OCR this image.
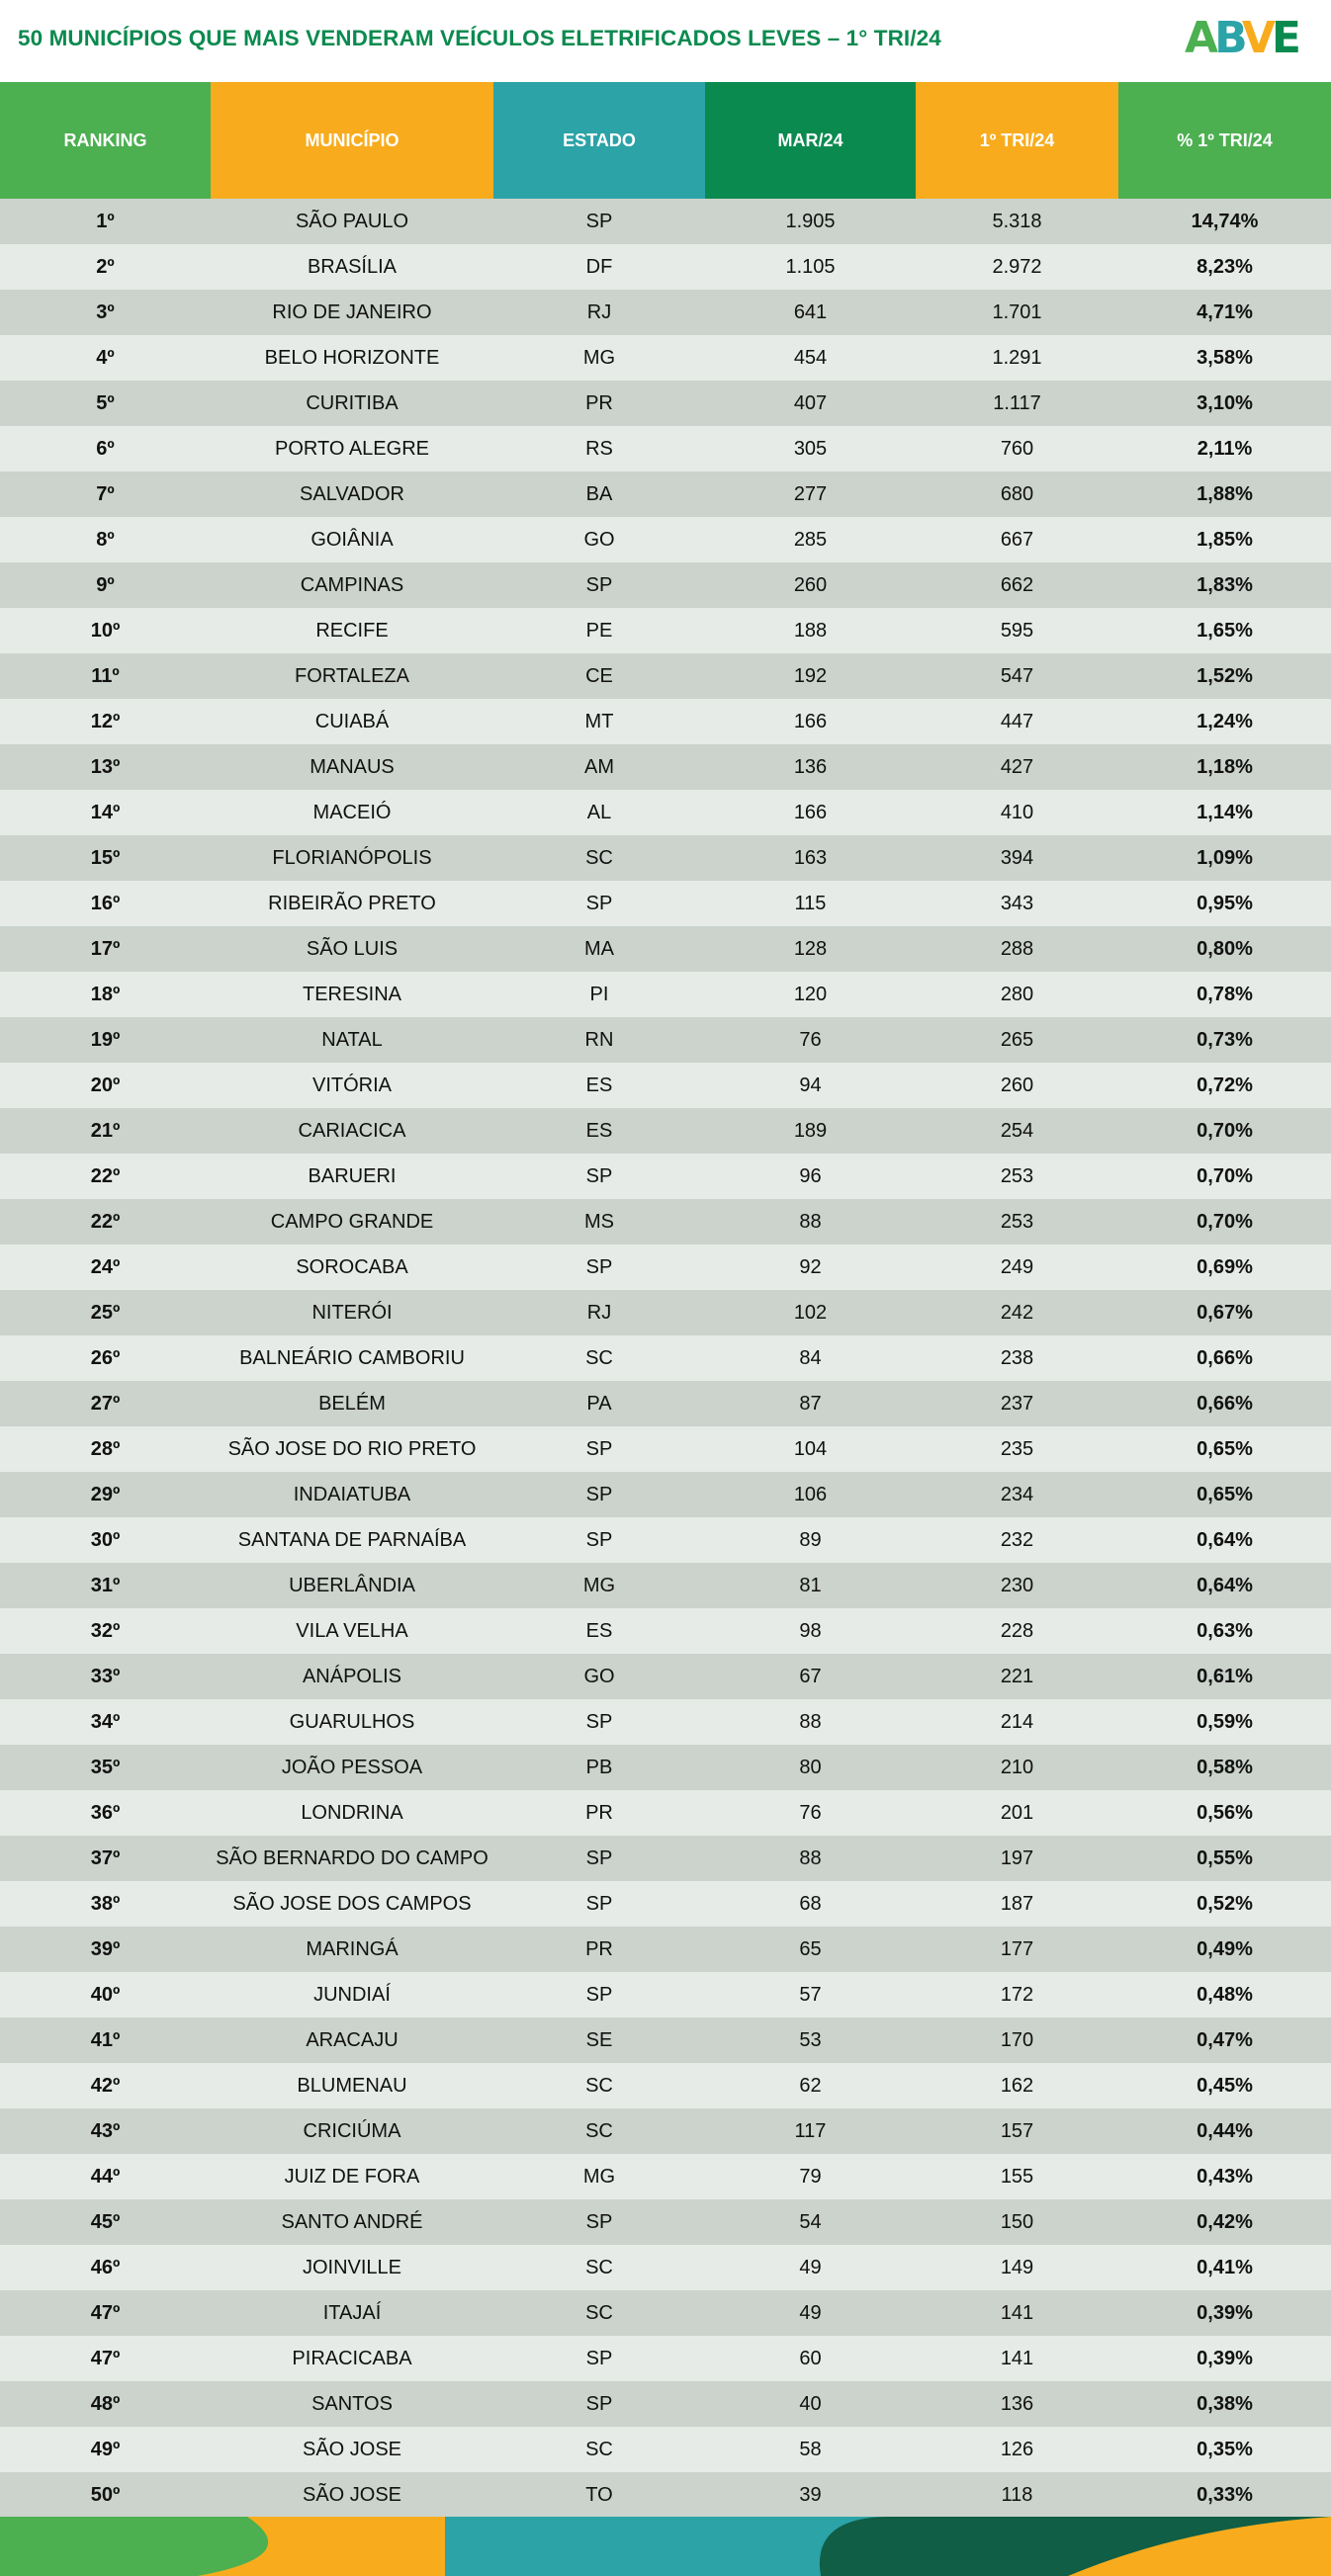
50 MUNICÍPIOS QUE MAIS VENDERAM VEÍCULOS ELETRIFICADOS LEVES – 1° TRI/24	ABVE
RANKING	MUNICÍPIO	ESTADO	MAR/24	1º TRI/24	% 1º TRI/24
1º	SÃO PAULO	SP	1.905	5.318	14,74%
2º	BRASÍLIA	DF	1.105	2.972	8,23%
3º	RIO DE JANEIRO	RJ	641	1.701	4,71%
4º	BELO HORIZONTE	MG	454	1.291	3,58%
5º	CURITIBA	PR	407	1.117	3,10%
6º	PORTO ALEGRE	RS	305	760	2,11%
7º	SALVADOR	BA	277	680	1,88%
8º	GOIÂNIA	GO	285	667	1,85%
9º	CAMPINAS	SP	260	662	1,83%
10º	RECIFE	PE	188	595	1,65%
11º	FORTALEZA	CE	192	547	1,52%
12º	CUIABÁ	MT	166	447	1,24%
13º	MANAUS	AM	136	427	1,18%
14º	MACEIÓ	AL	166	410	1,14%
15º	FLORIANÓPOLIS	SC	163	394	1,09%
16º	RIBEIRÃO PRETO	SP	115	343	0,95%
17º	SÃO LUIS	MA	128	288	0,80%
18º	TERESINA	PI	120	280	0,78%
19º	NATAL	RN	76	265	0,73%
20º	VITÓRIA	ES	94	260	0,72%
21º	CARIACICA	ES	189	254	0,70%
22º	BARUERI	SP	96	253	0,70%
22º	CAMPO GRANDE	MS	88	253	0,70%
24º	SOROCABA	SP	92	249	0,69%
25º	NITERÓI	RJ	102	242	0,67%
26º	BALNEÁRIO CAMBORIU	SC	84	238	0,66%
27º	BELÉM	PA	87	237	0,66%
28º	SÃO JOSE DO RIO PRETO	SP	104	235	0,65%
29º	INDAIATUBA	SP	106	234	0,65%
30º	SANTANA DE PARNAÍBA	SP	89	232	0,64%
31º	UBERLÂNDIA	MG	81	230	0,64%
32º	VILA VELHA	ES	98	228	0,63%
33º	ANÁPOLIS	GO	67	221	0,61%
34º	GUARULHOS	SP	88	214	0,59%
35º	JOÃO PESSOA	PB	80	210	0,58%
36º	LONDRINA	PR	76	201	0,56%
37º	SÃO BERNARDO DO CAMPO	SP	88	197	0,55%
38º	SÃO JOSE DOS CAMPOS	SP	68	187	0,52%
39º	MARINGÁ	PR	65	177	0,49%
40º	JUNDIAÍ	SP	57	172	0,48%
41º	ARACAJU	SE	53	170	0,47%
42º	BLUMENAU	SC	62	162	0,45%
43º	CRICIÚMA	SC	117	157	0,44%
44º	JUIZ DE FORA	MG	79	155	0,43%
45º	SANTO ANDRÉ	SP	54	150	0,42%
46º	JOINVILLE	SC	49	149	0,41%
47º	ITAJAÍ	SC	49	141	0,39%
47º	PIRACICABA	SP	60	141	0,39%
48º	SANTOS	SP	40	136	0,38%
49º	SÃO JOSE	SC	58	126	0,35%
50º	SÃO JOSE	TO	39	118	0,33%
